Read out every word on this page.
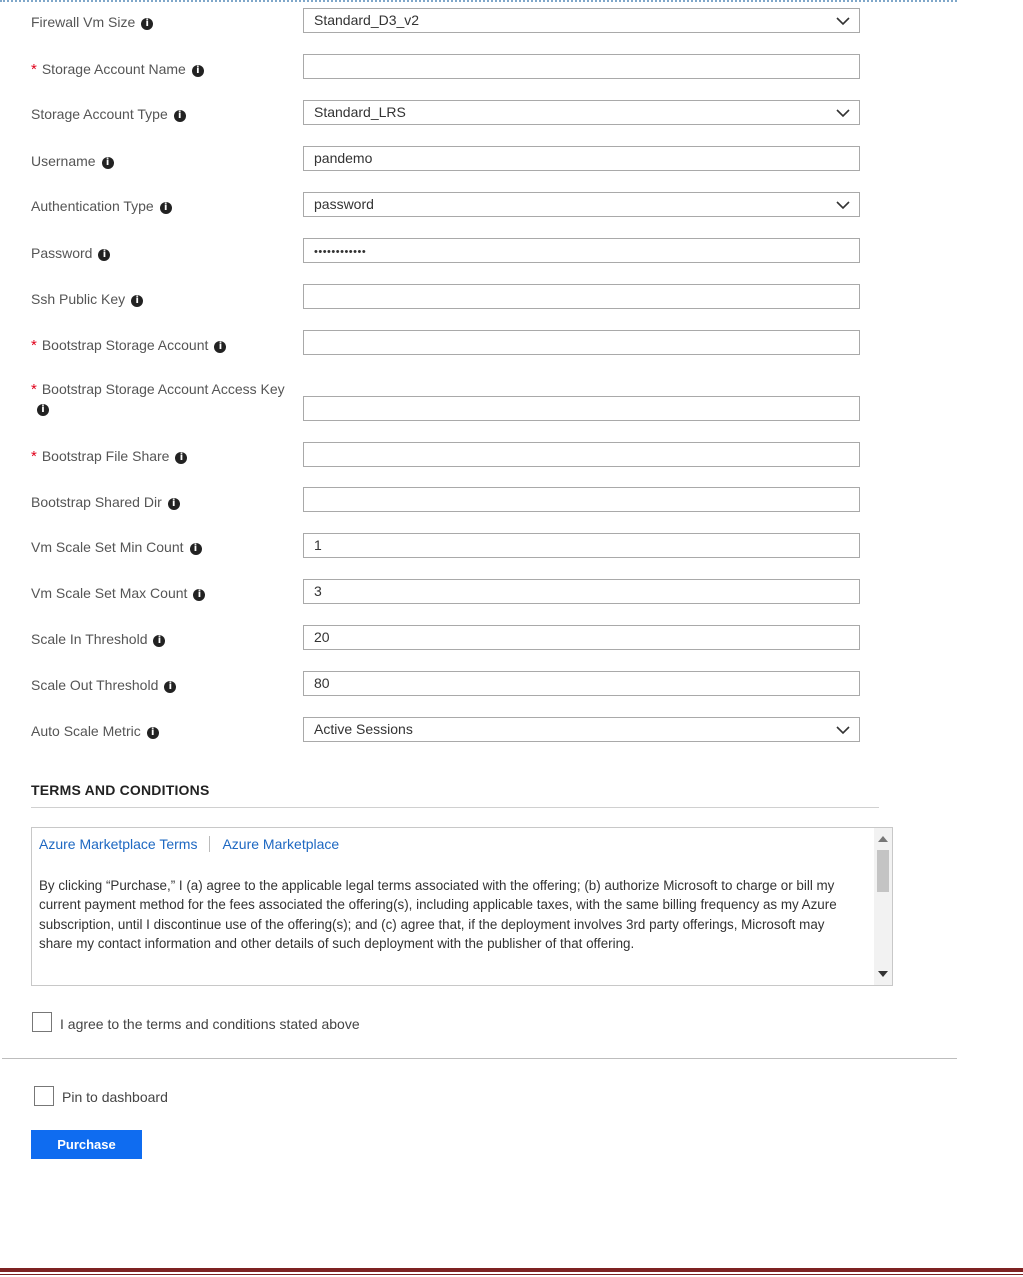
Firewall Vm Size i	Standard_D3_v2
* Storage Account Name i
Storage Account Type i	Standard_LRS
Username i	pandemo
Authentication Type i	password
Password i	••••••••••••
Ssh Public Key i
* Bootstrap Storage Account i
* Bootstrap Storage Account Access Key
i
* Bootstrap File Share i
Bootstrap Shared Dir i
Vm Scale Set Min Count i	1
Vm Scale Set Max Count i	3
Scale In Threshold i	20
Scale Out Threshold i	80
Auto Scale Metric i	Active Sessions
TERMS AND CONDITIONS
Azure Marketplace Terms Azure Marketplace
By clicking “Purchase,” I (a) agree to the applicable legal terms associated with the offering; (b) authorize Microsoft to charge or bill my current payment method for the fees associated the offering(s), including applicable taxes, with the same billing frequency as my Azure subscription, until I discontinue use of the offering(s); and (c) agree that, if the deployment involves 3rd party offerings, Microsoft may share my contact information and other details of such deployment with the publisher of that offering.
I agree to the terms and conditions stated above
Pin to dashboard
Purchase
